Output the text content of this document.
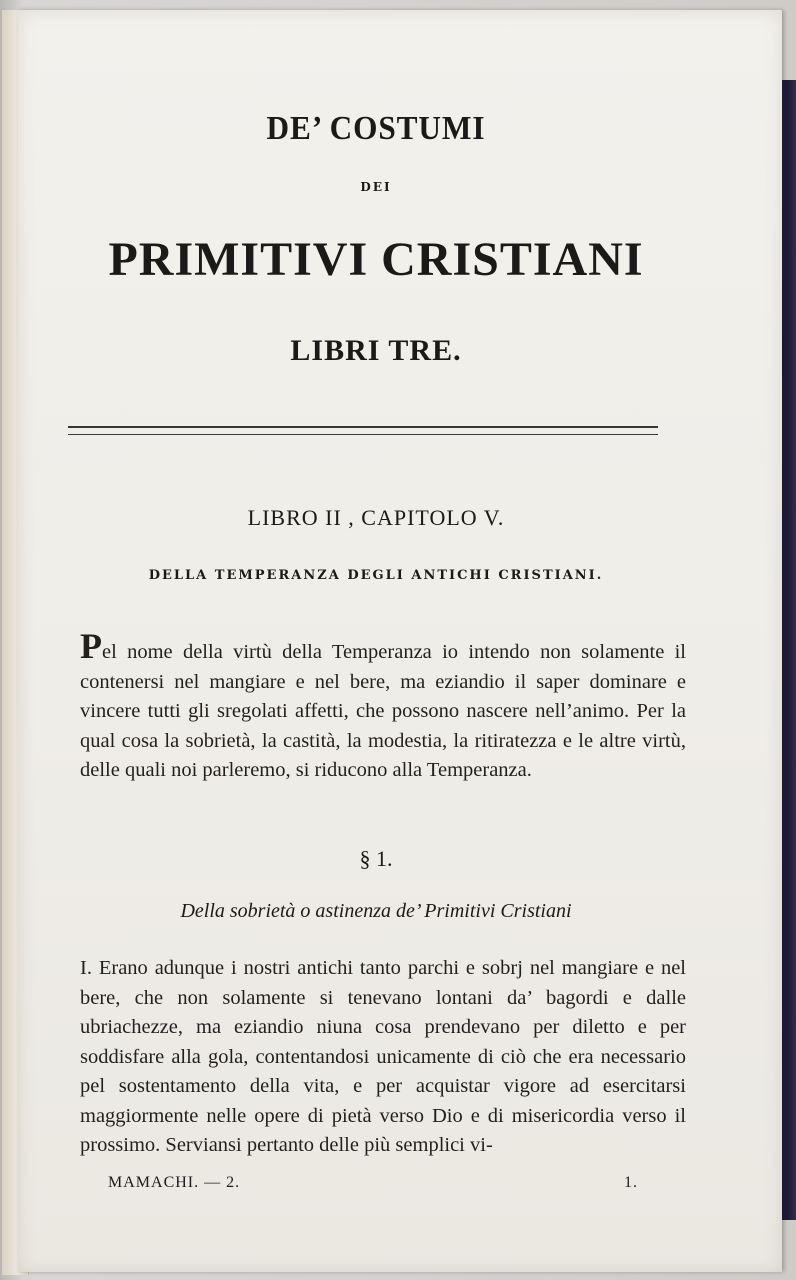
DE’ COSTUMI
DEI
PRIMITIVI CRISTIANI
LIBRI TRE.
LIBRO II , CAPITOLO V.
DELLA TEMPERANZA DEGLI ANTICHI CRISTIANI.
Pel nome della virtù della Temperanza io intendo non solamente il contenersi nel mangiare e nel bere, ma eziandio il saper dominare e vincere tutti gli sregolati affetti, che possono nascere nell’animo. Per la qual cosa la sobrietà, la castità, la modestia, la ritiratezza e le altre virtù, delle quali noi parleremo, si riducono alla Temperanza.
§ 1.
Della sobrietà o astinenza de’ Primitivi Cristiani
I. Erano adunque i nostri antichi tanto parchi e sobrj nel mangiare e nel bere, che non solamente si tenevano lontani da’ bagordi e dalle ubriachezze, ma eziandio niuna cosa prendevano per diletto e per soddisfare alla gola, contentandosi unicamente di ciò che era necessario pel sostentamento della vita, e per acquistar vigore ad esercitarsi maggiormente nelle opere di pietà verso Dio e di misericordia verso il prossimo. Serviansi pertanto delle più semplici vi-
MAMACHI. — 2.	1.
